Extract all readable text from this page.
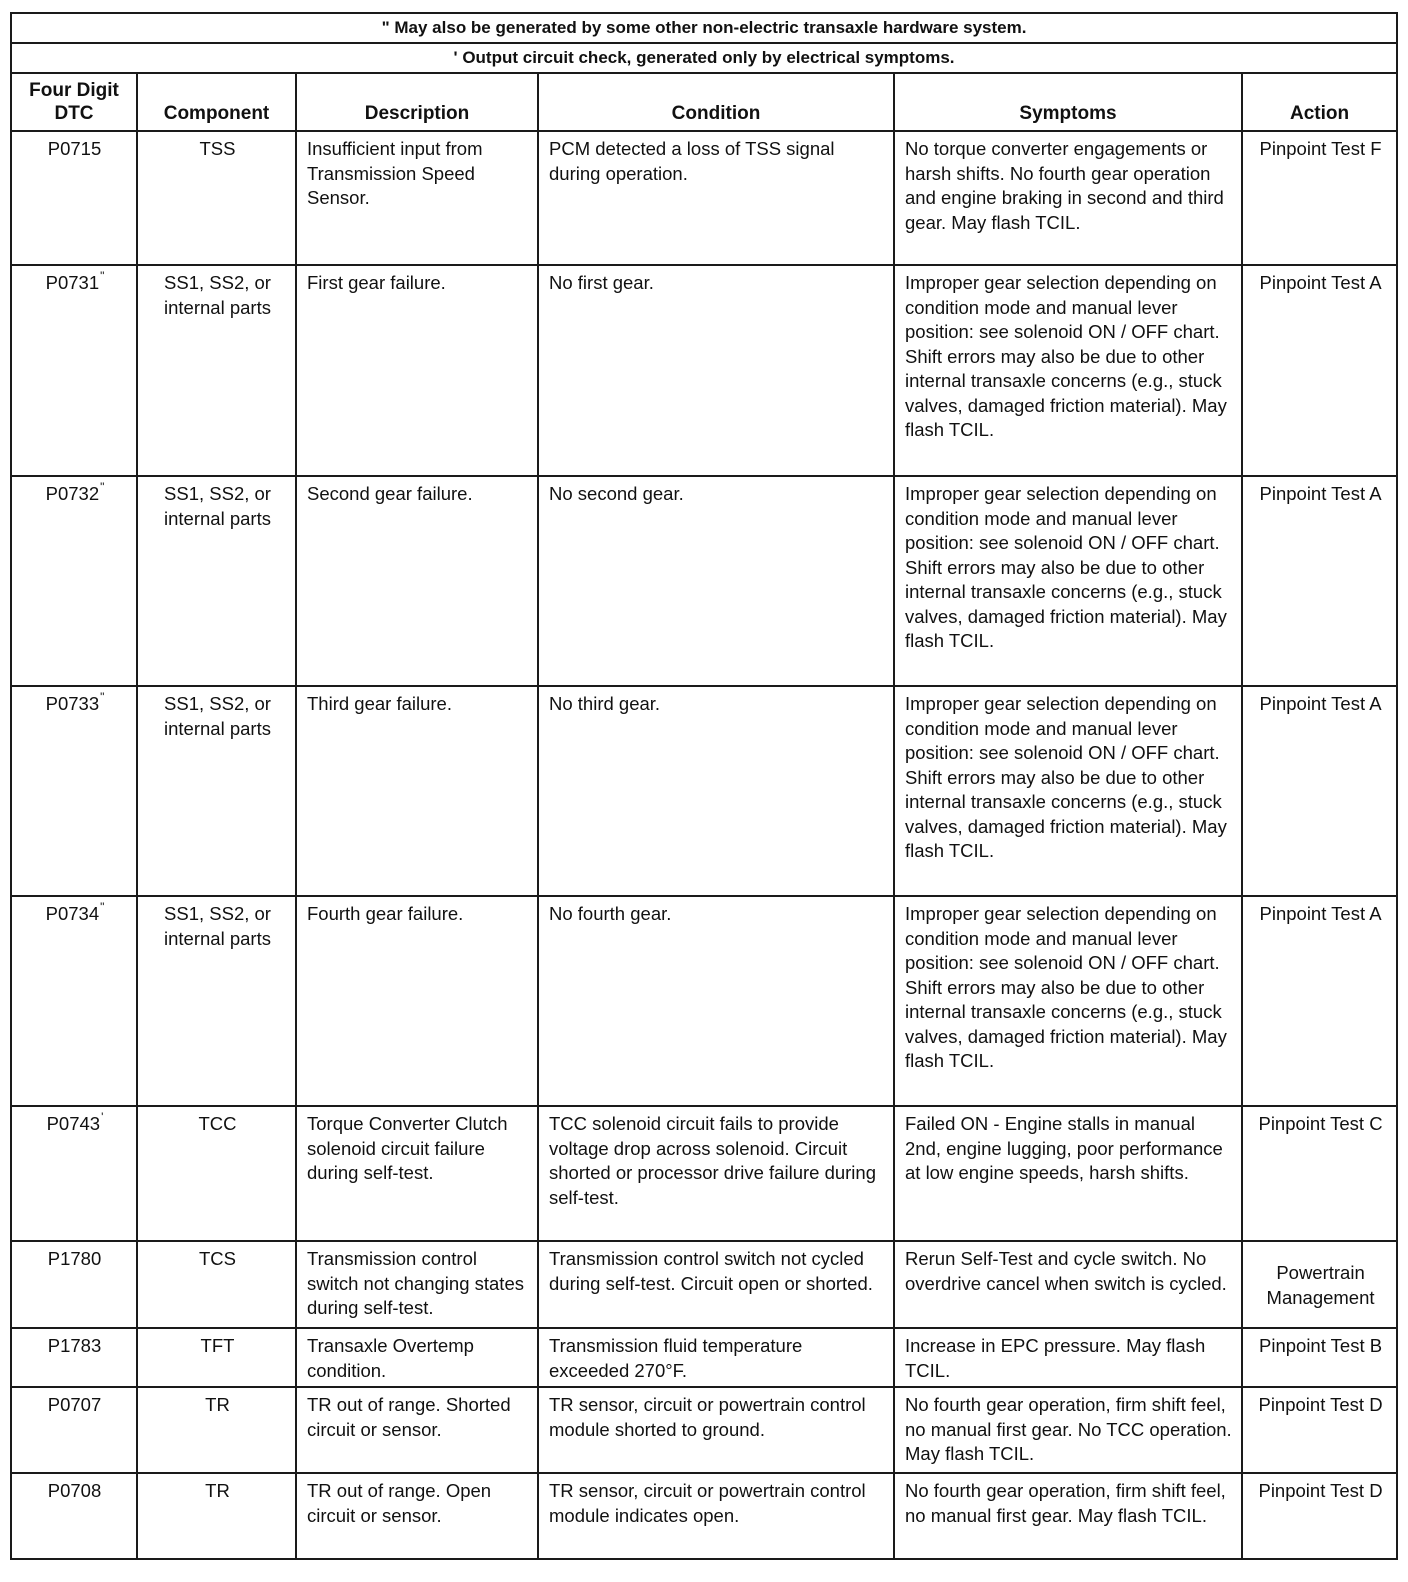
" May also be generated by some other non-electric transaxle hardware system.					
' Output circuit check, generated only by electrical symptoms.					
Four Digit DTC	Component	Description	Condition	Symptoms	Action
P0715	TSS	Insufficient input from Transmission Speed Sensor.	PCM detected a loss of TSS signal during operation.	No torque converter engagements or harsh shifts. No fourth gear operation and engine braking in second and third gear. May flash TCIL.	Pinpoint Test F
P0731"	SS1, SS2, or internal parts	First gear failure.	No first gear.	Improper gear selection depending on condition mode and manual lever position: see solenoid ON / OFF chart. Shift errors may also be due to other internal transaxle concerns (e.g., stuck valves, damaged friction material). May flash TCIL.	Pinpoint Test A
P0732"	SS1, SS2, or internal parts	Second gear failure.	No second gear.	Improper gear selection depending on condition mode and manual lever position: see solenoid ON / OFF chart. Shift errors may also be due to other internal transaxle concerns (e.g., stuck valves, damaged friction material). May flash TCIL.	Pinpoint Test A
P0733"	SS1, SS2, or internal parts	Third gear failure.	No third gear.	Improper gear selection depending on condition mode and manual lever position: see solenoid ON / OFF chart. Shift errors may also be due to other internal transaxle concerns (e.g., stuck valves, damaged friction material). May flash TCIL.	Pinpoint Test A
P0734"	SS1, SS2, or internal parts	Fourth gear failure.	No fourth gear.	Improper gear selection depending on condition mode and manual lever position: see solenoid ON / OFF chart. Shift errors may also be due to other internal transaxle concerns (e.g., stuck valves, damaged friction material). May flash TCIL.	Pinpoint Test A
P0743'	TCC	Torque Converter Clutch solenoid circuit failure during self-test.	TCC solenoid circuit fails to provide voltage drop across solenoid. Circuit shorted or processor drive failure during self-test.	Failed ON - Engine stalls in manual 2nd, engine lugging, poor performance at low engine speeds, harsh shifts.	Pinpoint Test C
P1780	TCS	Transmission control switch not changing states during self-test.	Transmission control switch not cycled during self-test. Circuit open or shorted.	Rerun Self-Test and cycle switch. No overdrive cancel when switch is cycled.	Powertrain Management
P1783	TFT	Transaxle Overtemp condition.	Transmission fluid temperature exceeded 270°F.	Increase in EPC pressure. May flash TCIL.	Pinpoint Test B
P0707	TR	TR out of range. Shorted circuit or sensor.	TR sensor, circuit or powertrain control module shorted to ground.	No fourth gear operation, firm shift feel, no manual first gear. No TCC operation. May flash TCIL.	Pinpoint Test D
P0708	TR	TR out of range. Open circuit or sensor.	TR sensor, circuit or powertrain control module indicates open.	No fourth gear operation, firm shift feel, no manual first gear. May flash TCIL.	Pinpoint Test D
